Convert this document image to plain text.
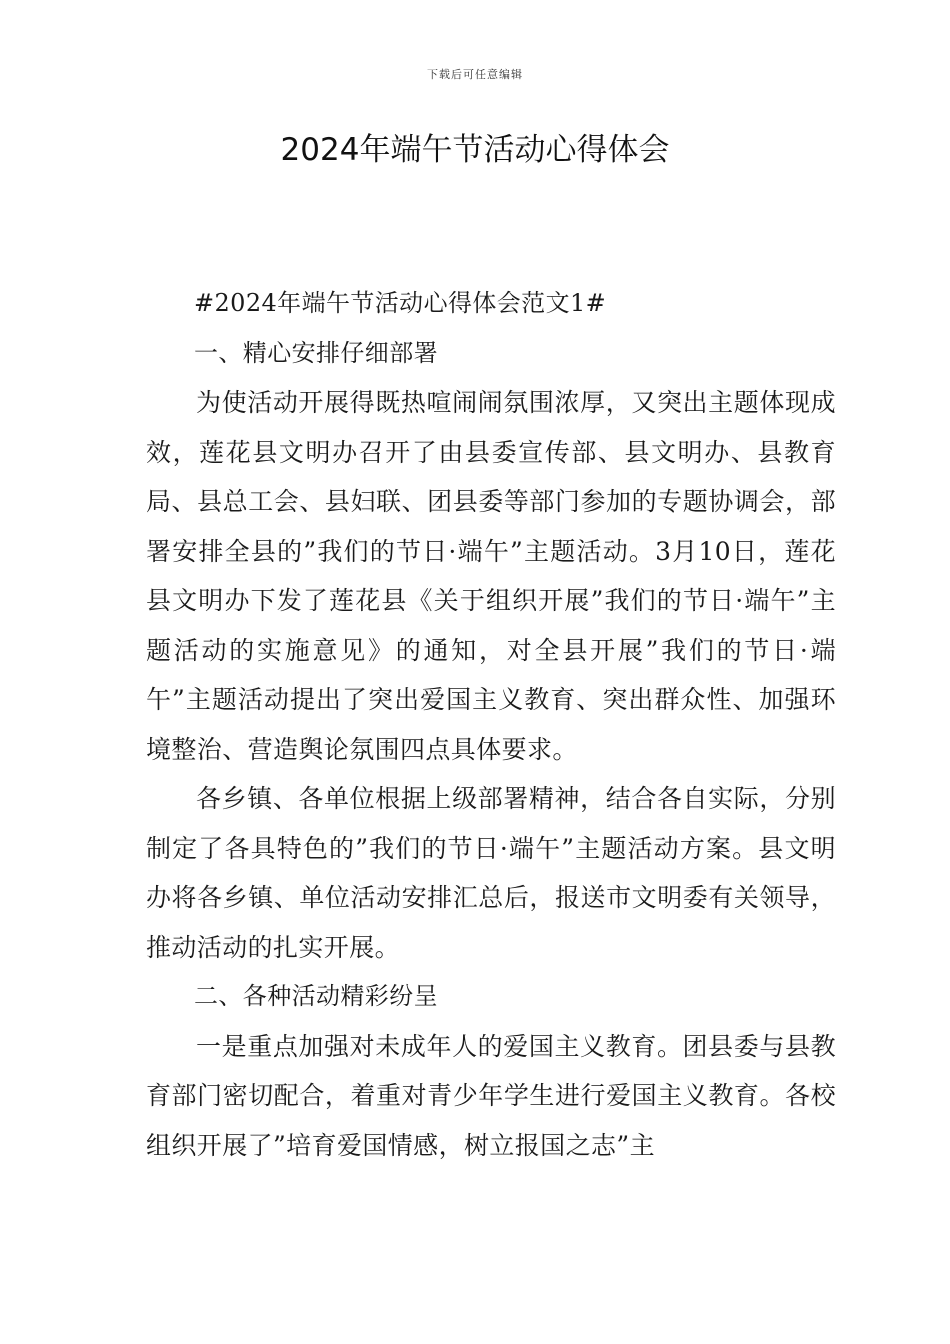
下载后可任意编辑
2024年端午节活动心得体会

#2024年端午节活动心得体会范文1#

一、精心安排仔细部署

为使活动开展得既热喧闹闹氛围浓厚，又突出主题体现成效，莲花县文明办召开了由县委宣传部、县文明办、县教育局、县总工会、县妇联、团县委等部门参加的专题协调会，部署安排全县的”我们的节日·端午”主题活动。3月10日，莲花县文明办下发了莲花县《关于组织开展”我们的节日·端午”主题活动的实施意见》的通知，对全县开展”我们的节日·端午”主题活动提出了突出爱国主义教育、突出群众性、加强环境整治、营造舆论氛围四点具体要求。

各乡镇、各单位根据上级部署精神，结合各自实际，分别制定了各具特色的”我们的节日·端午”主题活动方案。县文明办将各乡镇、单位活动安排汇总后，报送市文明委有关领导，推动活动的扎实开展。

二、各种活动精彩纷呈

一是重点加强对未成年人的爱国主义教育。团县委与县教育部门密切配合，着重对青少年学生进行爱国主义教育。各校组织开展了”培育爱国情感，树立报国之志”主
